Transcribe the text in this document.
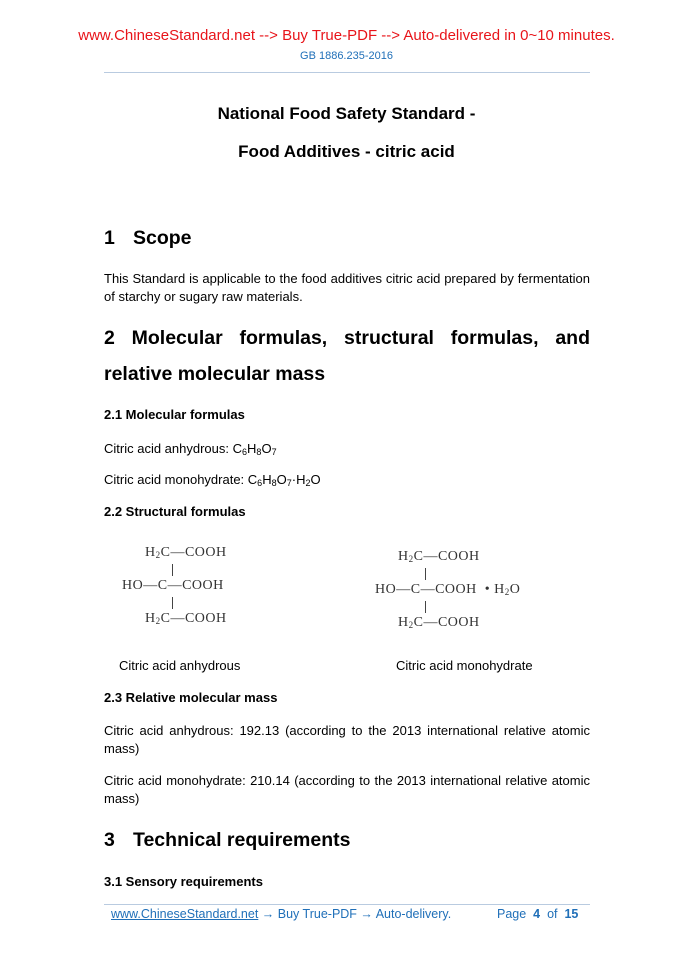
www.ChineseStandard.net --> Buy True-PDF --> Auto-delivered in 0~10 minutes.
GB 1886.235-2016
National Food Safety Standard -
Food Additives - citric acid
1 Scope
This Standard is applicable to the food additives citric acid prepared by fermentation of starchy or sugary raw materials.
2 Molecular formulas, structural formulas, and
relative molecular mass
2.1 Molecular formulas
Citric acid anhydrous: $C_6H_8O_7$
Citric acid monohydrate: $C_6H_8O_7\cdot H_2O$
2.2 Structural formulas
$H_2C—COOH$
HO—C—COOH
$H_2C—COOH$
$H_2C—COOH$
HO—C—COOH • $H_2O$
$H_2C—COOH$
Citric acid anhydrous	Citric acid monohydrate
2.3 Relative molecular mass
Citric acid anhydrous: 192.13 (according to the 2013 international relative atomic mass)
Citric acid monohydrate: 210.14 (according to the 2013 international relative atomic mass)
3 Technical requirements
3.1 Sensory requirements
www.ChineseStandard.net → Buy True-PDF → Auto-delivery.	Page 4 of 15
